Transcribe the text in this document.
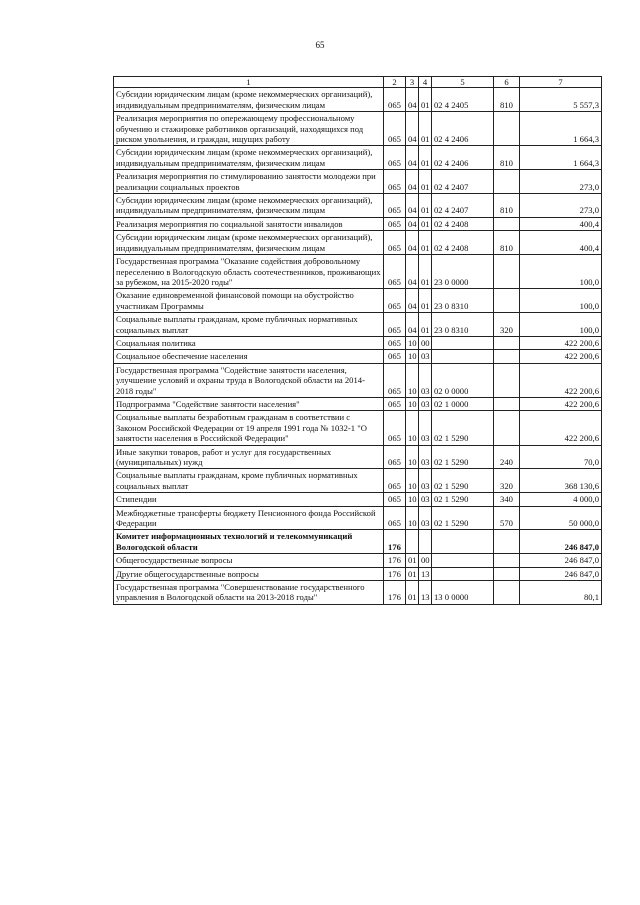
65
1	2	3	4	5	6	7
Субсидии юридическим лицам (кроме некоммерческих организаций), индивидуальным предпринимателям, физическим лицам	065	04	01	02 4 2405	810	5 557,3
Реализация мероприятия по опережающему профессиональному обучению и стажировке работников организаций, находящихся под риском увольнения, и граждан, ищущих работу	065	04	01	02 4 2406		1 664,3
Субсидии юридическим лицам (кроме некоммерческих организаций), индивидуальным предпринимателям, физическим лицам	065	04	01	02 4 2406	810	1 664,3
Реализация мероприятия по стимулированию занятости молодежи при реализации социальных проектов	065	04	01	02 4 2407		273,0
Субсидии юридическим лицам (кроме некоммерческих организаций), индивидуальным предпринимателям, физическим лицам	065	04	01	02 4 2407	810	273,0
Реализация мероприятия по социальной занятости инвалидов	065	04	01	02 4 2408		400,4
Субсидии юридическим лицам (кроме некоммерческих организаций), индивидуальным предпринимателям, физическим лицам	065	04	01	02 4 2408	810	400,4
Государственная программа "Оказание содействия добровольному переселению в Вологодскую область соотечественников, проживающих за рубежом, на 2015-2020 годы"	065	04	01	23 0 0000		100,0
Оказание единовременной финансовой помощи на обустройство участникам Программы	065	04	01	23 0 8310		100,0
Социальные выплаты гражданам, кроме публичных нормативных социальных выплат	065	04	01	23 0 8310	320	100,0
Социальная политика	065	10	00			422 200,6
Социальное обеспечение населения	065	10	03			422 200,6
Государственная программа "Содействие занятости населения, улучшение условий и охраны труда в Вологодской области на 2014-2018 годы"	065	10	03	02 0 0000		422 200,6
Подпрограмма "Содействие занятости населения"	065	10	03	02 1 0000		422 200,6
Социальные выплаты безработным гражданам в соответствии с Законом Российской Федерации от 19 апреля 1991 года № 1032-1 "О занятости населения в Российской Федерации"	065	10	03	02 1 5290		422 200,6
Иные закупки товаров, работ и услуг для государственных (муниципальных) нужд	065	10	03	02 1 5290	240	70,0
Социальные выплаты гражданам, кроме публичных нормативных социальных выплат	065	10	03	02 1 5290	320	368 130,6
Стипендии	065	10	03	02 1 5290	340	4 000,0
Межбюджетные трансферты бюджету Пенсионного фонда Российской Федерации	065	10	03	02 1 5290	570	50 000,0
Комитет информационных технологий и телекоммуникаций Вологодской области	176					246 847,0
Общегосударственные вопросы	176	01	00			246 847,0
Другие общегосударственные вопросы	176	01	13			246 847,0
Государственная программа "Совершенствование государственного управления в Вологодской области на 2013-2018 годы"	176	01	13	13 0 0000		80,1
